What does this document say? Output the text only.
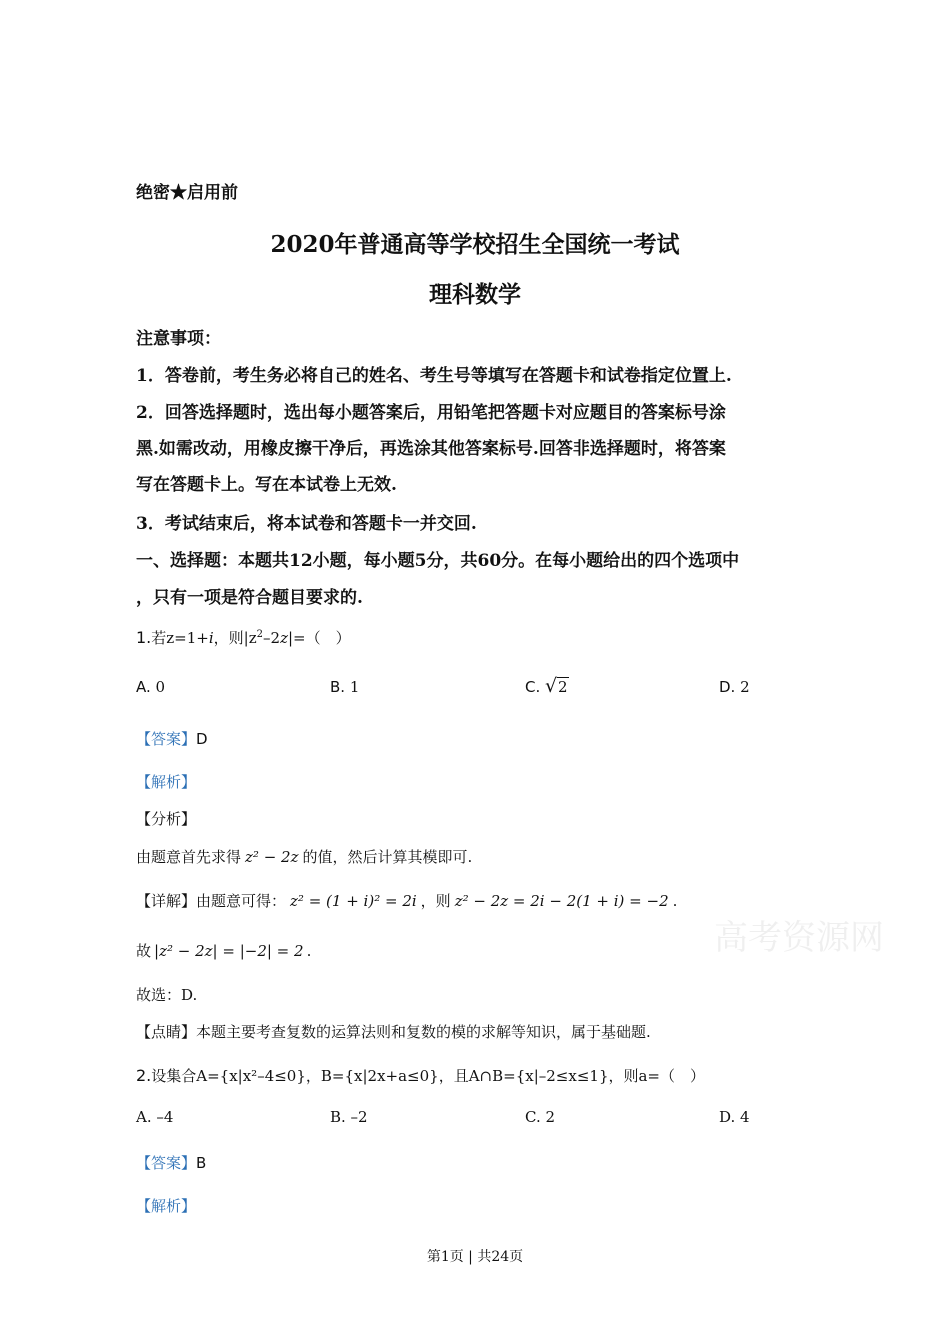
绝密★启用前
2020年普通高等学校招生全国统一考试
理科数学
注意事项：
1．答卷前，考生务必将自己的姓名、考生号等填写在答题卡和试卷指定位置上.
2．回答选择题时，选出每小题答案后，用铅笔把答题卡对应题目的答案标号涂
黑.如需改动，用橡皮擦干净后，再选涂其他答案标号.回答非选择题时，将答案
写在答题卡上。写在本试卷上无效.
3．考试结束后，将本试卷和答题卡一并交回.
一、选择题：本题共12小题，每小题5分，共60分。在每小题给出的四个选项中
，只有一项是符合题目要求的.
1.若z=1+i，则$|z^2-2z|=$（　）
A. 0	B. 1	C. √ 2	D. 2
【答案】D
【解析】
【分析】
由题意首先求得 z² − 2z 的值，然后计算其模即可.
【详解】由题意可得： z² = (1 + i)² = 2i ，则 z² − 2z = 2i − 2(1 + i) = −2 .
故 |z² − 2z| = |−2| = 2 .
故选：D.
【点睛】本题主要考查复数的运算法则和复数的模的求解等知识，属于基础题.
2.设集合A={x|x²–4≤0}，B={x|2x+a≤0}，且A∩B={x|–2≤x≤1}，则a=（　）
A. –4	B. –2	C. 2	D. 4
【答案】B
【解析】
高考资源网
第1页 | 共24页
